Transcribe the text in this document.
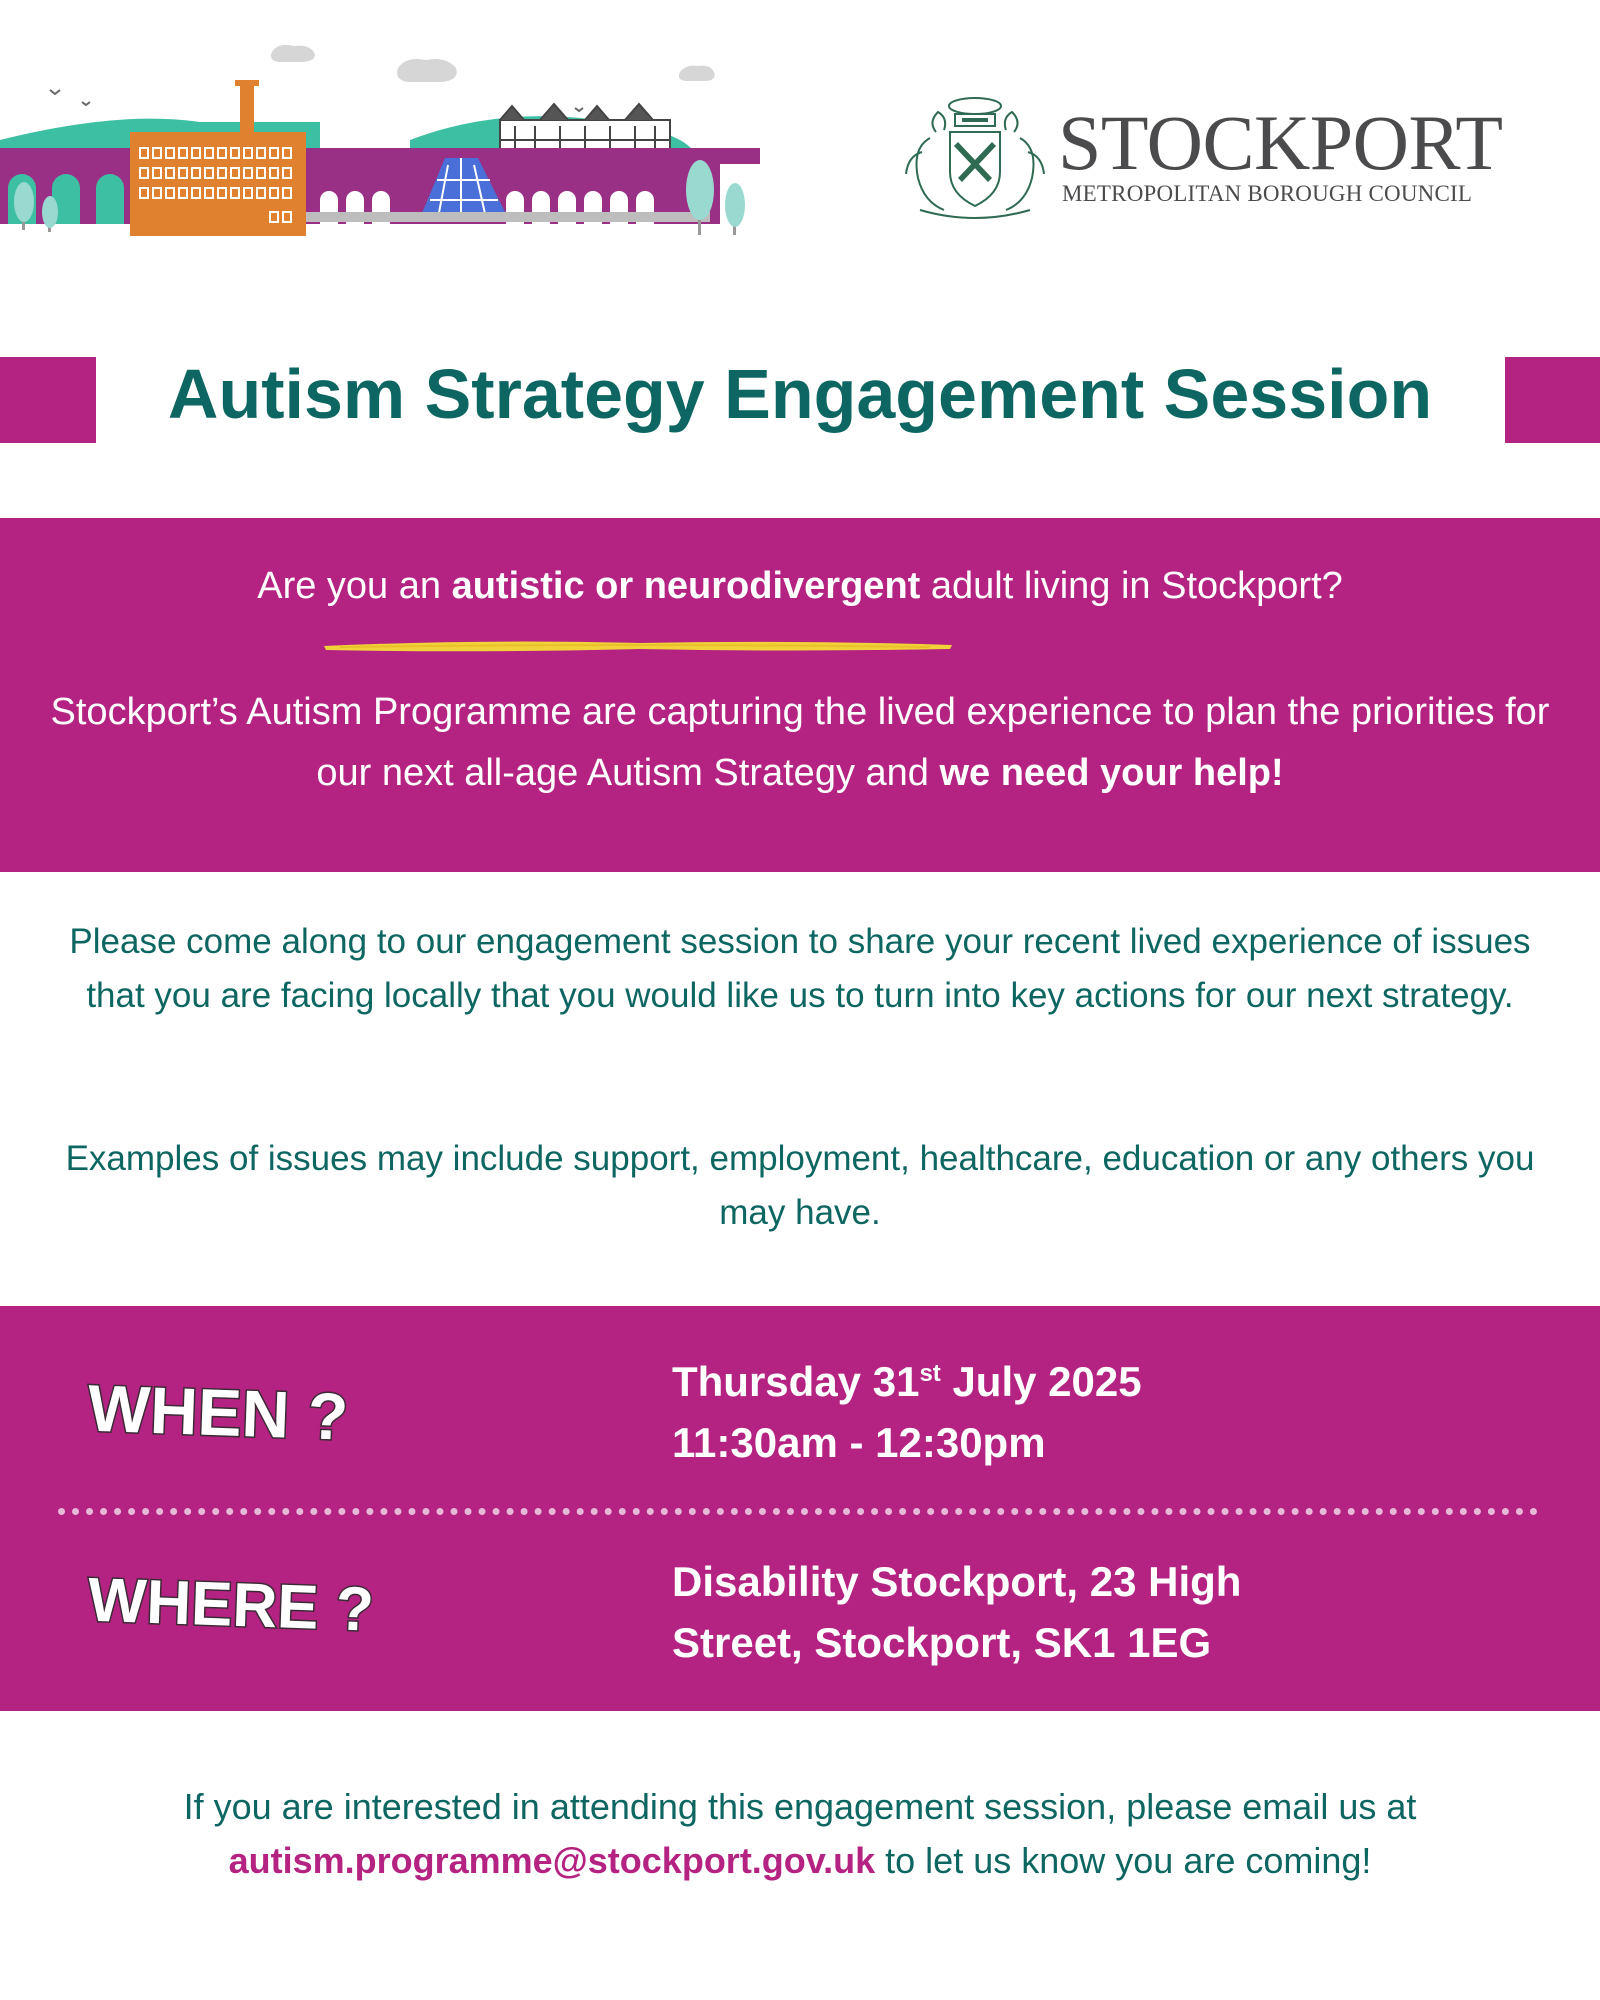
STOCKPORT
METROPOLITAN BOROUGH COUNCIL
Autism Strategy Engagement Session
Are you an autistic or neurodivergent adult living in Stockport?
Stockport’s Autism Programme are capturing the lived experience to plan the priorities for our next all-age Autism Strategy and we need your help!
Please come along to our engagement session to share your recent lived experience of issues that you are facing locally that you would like us to turn into key actions for our next strategy.
Examples of issues may include support, employment, healthcare, education or any others you may have.
WHEN ?	Thursday 31st July 2025
11:30am - 12:30pm
WHERE ?	Disability Stockport, 23 High
Street, Stockport, SK1 1EG
If you are interested in attending this engagement session, please email us at
autism.programme@stockport.gov.uk to let us know you are coming!
